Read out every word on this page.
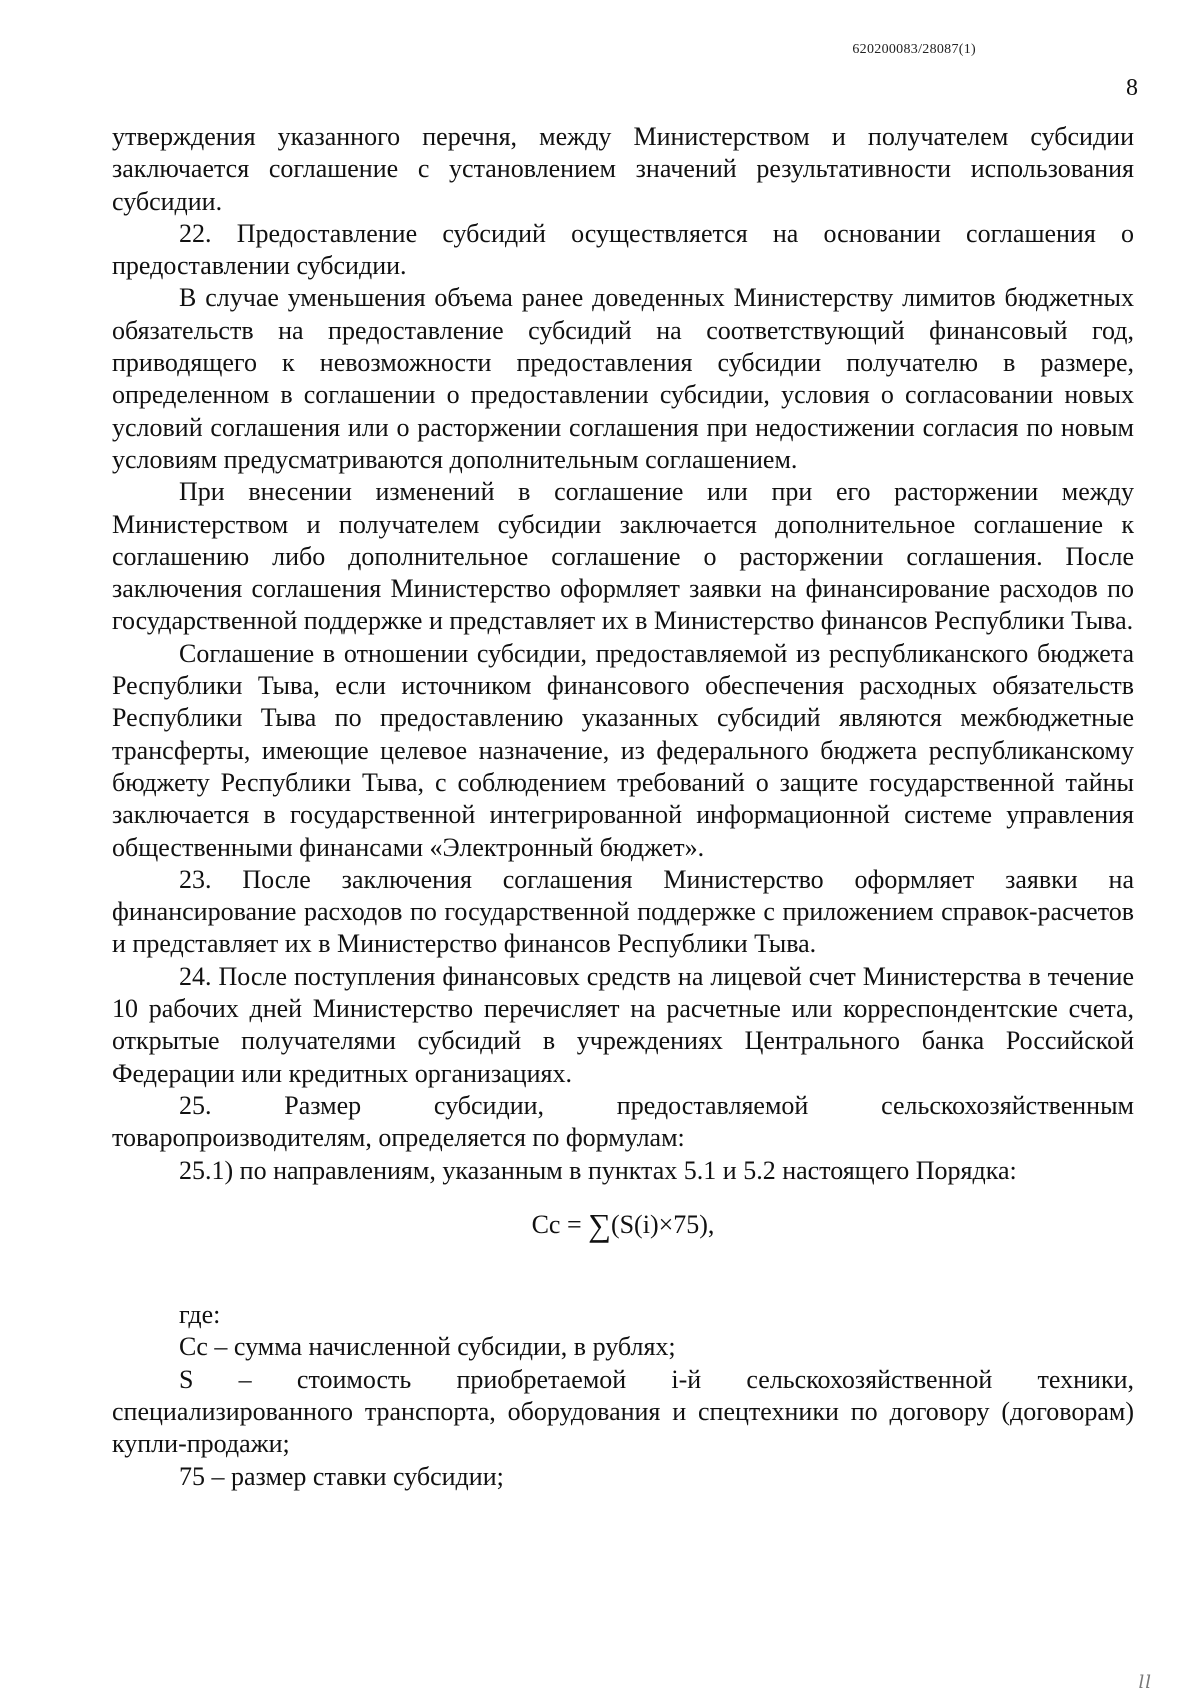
620200083/28087(1)
8

утверждения указанного перечня, между Министерством и получателем субсидии заключается соглашение с установлением значений результативности использования субсидии.

22. Предоставление субсидий осуществляется на основании соглашения о предоставлении субсидии.

В случае уменьшения объема ранее доведенных Министерству лимитов бюджетных обязательств на предоставление субсидий на соответствующий финансовый год, приводящего к невозможности предоставления субсидии получателю в размере, определенном в соглашении о предоставлении субсидии, условия о согласовании новых условий соглашения или о расторжении соглашения при недостижении согласия по новым условиям предусматриваются дополнительным соглашением.

При внесении изменений в соглашение или при его расторжении между Министерством и получателем субсидии заключается дополнительное соглашение к соглашению либо дополнительное соглашение о расторжении соглашения. После заключения соглашения Министерство оформляет заявки на финансирование расходов по государственной поддержке и представляет их в Министерство финансов Республики Тыва.

Соглашение в отношении субсидии, предоставляемой из республиканского бюджета Республики Тыва, если источником финансового обеспечения расходных обязательств Республики Тыва по предоставлению указанных субсидий являются межбюджетные трансферты, имеющие целевое назначение, из федерального бюджета республиканскому бюджету Республики Тыва, с соблюдением требований о защите государственной тайны заключается в государственной интегрированной информационной системе управления общественными финансами «Электронный бюджет».

23. После заключения соглашения Министерство оформляет заявки на финансирование расходов по государственной поддержке с приложением справок-расчетов и представляет их в Министерство финансов Республики Тыва.

24. После поступления финансовых средств на лицевой счет Министерства в течение 10 рабочих дней Министерство перечисляет на расчетные или корреспондентские счета, открытые получателями субсидий в учреждениях Центрального банка Российской Федерации или кредитных организациях.

25. Размер субсидии, предоставляемой сельскохозяйственным товаропроизводителям, определяется по формулам:

25.1) по направлениям, указанным в пунктах 5.1 и 5.2 настоящего Порядка:

Cc = ∑(S(i)×75),

где:

Cc – сумма начисленной субсидии, в рублях;

S – стоимость приобретаемой i-й сельскохозяйственной техники, специализированного транспорта, оборудования и спецтехники по договору (договорам) купли-продажи;

75 – размер ставки субсидии;

𝑙𝑙
